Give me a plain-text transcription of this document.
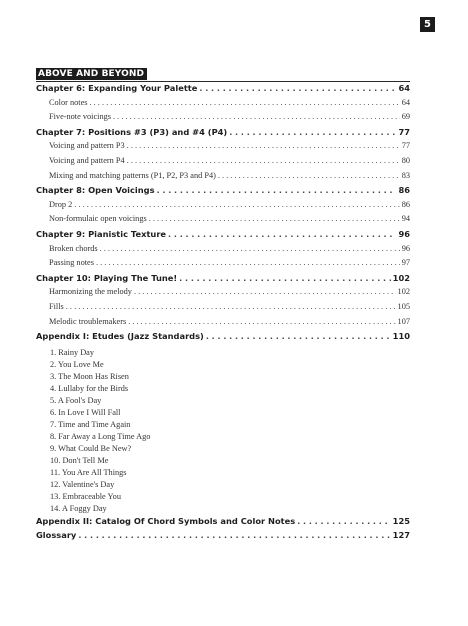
5
ABOVE AND BEYOND
Chapter 6: Expanding Your Palette . . .	64
Color notes . . .	64
Five-note voicings . . .	69
Chapter 7: Positions #3 (P3) and #4 (P4) . . .	77
Voicing and pattern P3 . . .	77
Voicing and pattern P4 . . .	80
Mixing and matching patterns (P1, P2, P3 and P4) . . .	83
Chapter 8: Open Voicings . . .	86
Drop 2 . . .	86
Non-formulaic open voicings . . .	94
Chapter 9: Pianistic Texture . . .	96
Broken chords . . .	96
Passing notes . . .	97
Chapter 10: Playing The Tune! . . .	102
Harmonizing the melody . . .	102
Fills . . .	105
Melodic troublemakers . . .	107
Appendix I: Etudes (Jazz Standards) . . .	110
1. Rainy Day
2. You Love Me
3. The Moon Has Risen
4. Lullaby for the Birds
5. A Fool's Day
6. In Love I Will Fall
7. Time and Time Again
8. Far Away a Long Time Ago
9. What Could Be New?
10. Don't Tell Me
11. You Are All Things
12. Valentine's Day
13. Embraceable You
14. A Foggy Day
Appendix II: Catalog Of Chord Symbols and Color Notes . . .	125
Glossary . . .	127
